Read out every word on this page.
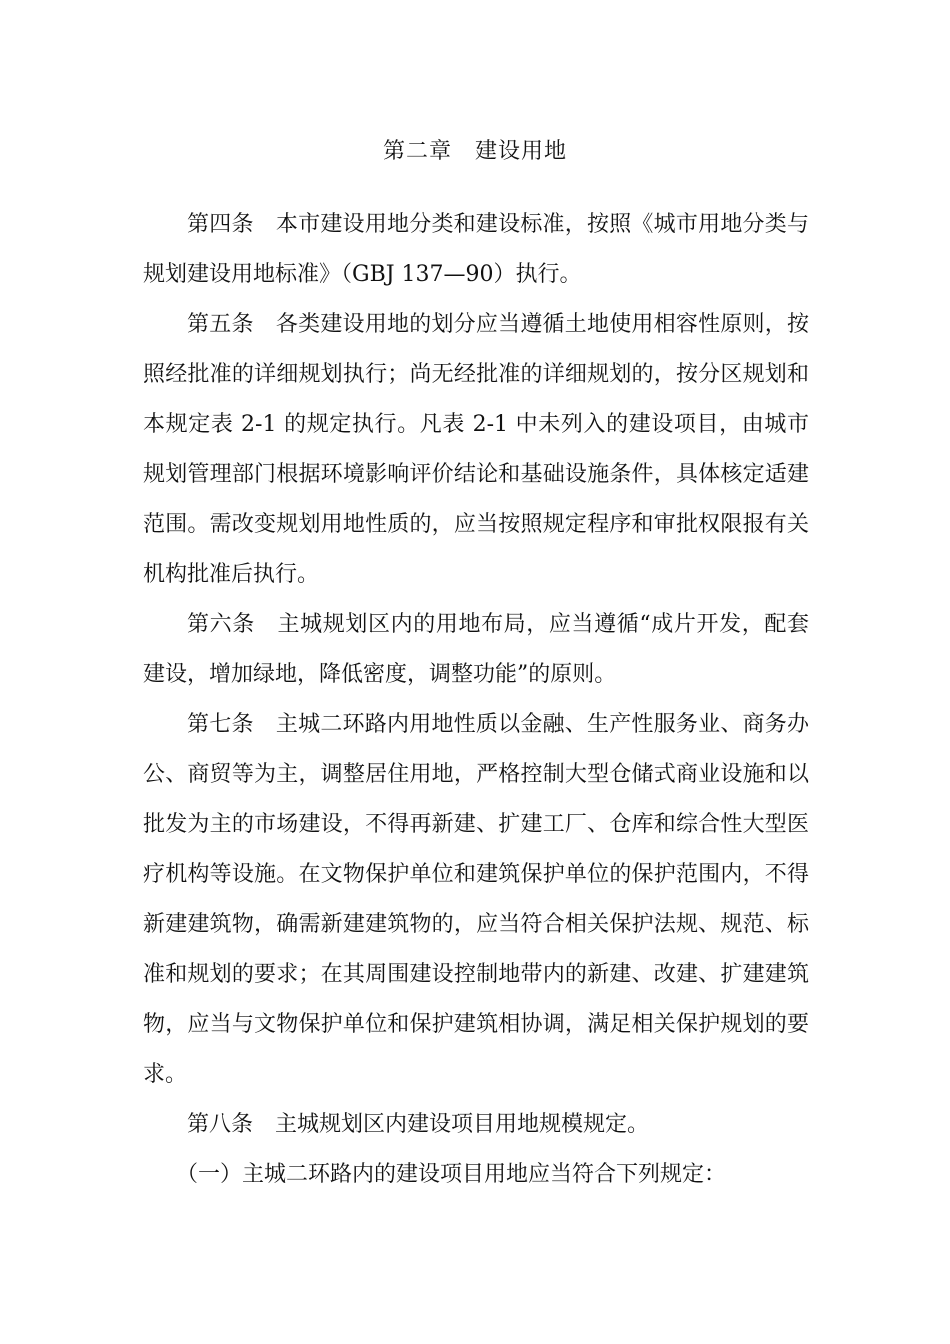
第二章　建设用地

第四条　本市建设用地分类和建设标准，按照《城市用地分类与规划建设用地标准》（GBJ 137—90）执行。

第五条　各类建设用地的划分应当遵循土地使用相容性原则，按照经批准的详细规划执行；尚无经批准的详细规划的，按分区规划和本规定表 2-1 的规定执行。凡表 2-1 中未列入的建设项目，由城市规划管理部门根据环境影响评价结论和基础设施条件，具体核定适建范围。需改变规划用地性质的，应当按照规定程序和审批权限报有关机构批准后执行。

第六条　主城规划区内的用地布局，应当遵循“成片开发，配套建设，增加绿地，降低密度，调整功能”的原则。

第七条　主城二环路内用地性质以金融、生产性服务业、商务办公、商贸等为主，调整居住用地，严格控制大型仓储式商业设施和以批发为主的市场建设，不得再新建、扩建工厂、仓库和综合性大型医疗机构等设施。在文物保护单位和建筑保护单位的保护范围内，不得新建建筑物，确需新建建筑物的，应当符合相关保护法规、规范、标准和规划的要求；在其周围建设控制地带内的新建、改建、扩建建筑物，应当与文物保护单位和保护建筑相协调，满足相关保护规划的要求。

第八条　主城规划区内建设项目用地规模规定。

（一）主城二环路内的建设项目用地应当符合下列规定：
